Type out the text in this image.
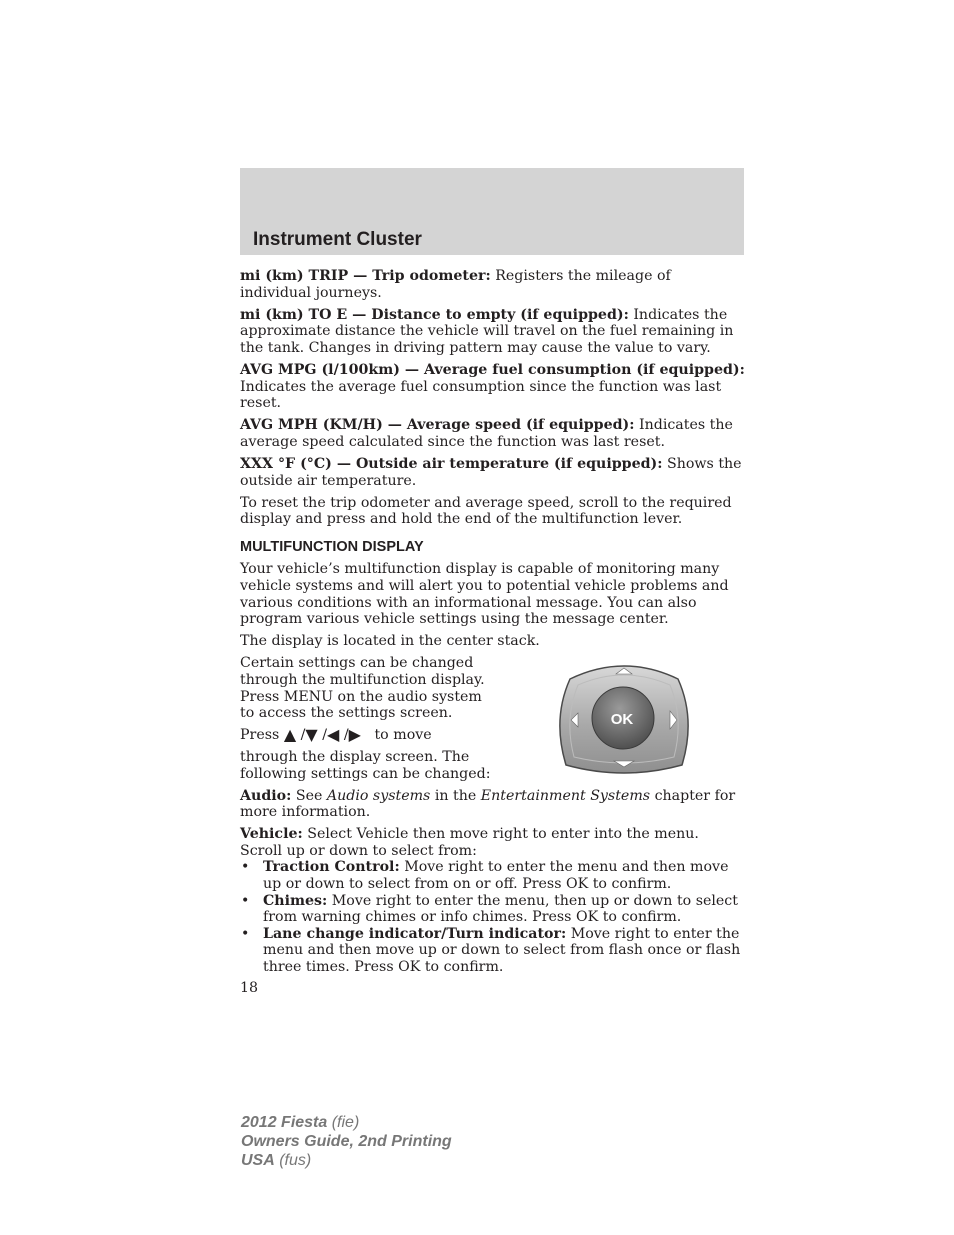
Instrument Cluster

mi (km) TRIP — Trip odometer: Registers the mileage of individual journeys.

mi (km) TO E — Distance to empty (if equipped): Indicates the approximate distance the vehicle will travel on the fuel remaining in the tank. Changes in driving pattern may cause the value to vary.

AVG MPG (l/100km) — Average fuel consumption (if equipped): Indicates the average fuel consumption since the function was last reset.

AVG MPH (KM/H) — Average speed (if equipped): Indicates the average speed calculated since the function was last reset.

XXX °F (°C) — Outside air temperature (if equipped): Shows the outside air temperature.

To reset the trip odometer and average speed, scroll to the required display and press and hold the end of the multifunction lever.

MULTIFUNCTION DISPLAY

Your vehicle’s multifunction display is capable of monitoring many vehicle systems and will alert you to potential vehicle problems and various conditions with an informational message. You can also program various vehicle settings using the message center.

The display is located in the center stack.

Certain settings can be changed through the multifunction display. Press MENU on the audio system to access the settings screen.

Press ▲ /▼ /◀ /▶ to move

through the display screen. The following settings can be changed:

OK

Audio: See Audio systems in the Entertainment Systems chapter for more information.

Vehicle: Select Vehicle then move right to enter into the menu. Scroll up or down to select from:

• Traction Control: Move right to enter the menu and then move up or down to select from on or off. Press OK to confirm.
• Chimes: Move right to enter the menu, then up or down to select from warning chimes or info chimes. Press OK to confirm.
• Lane change indicator/Turn indicator: Move right to enter the menu and then move up or down to select from flash once or flash three times. Press OK to confirm.
18
2012 Fiesta (fie)
Owners Guide, 2nd Printing
USA (fus)
